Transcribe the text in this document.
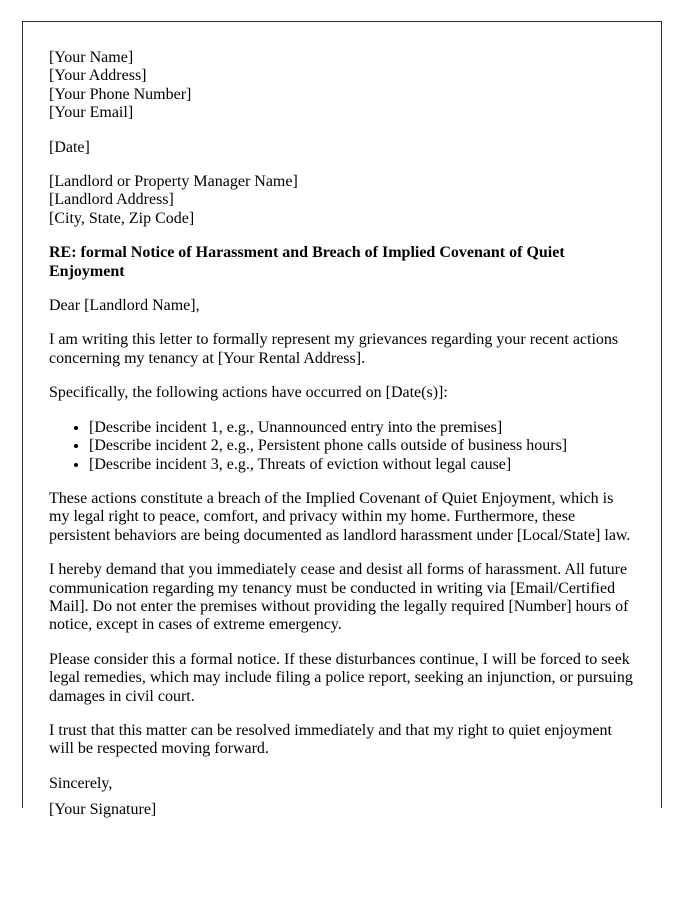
[Your Name]
[Your Address]
[Your Phone Number]
[Your Email]

[Date]

[Landlord or Property Manager Name]
[Landlord Address]
[City, State, Zip Code]

RE: formal Notice of Harassment and Breach of Implied Covenant of Quiet Enjoyment

Dear [Landlord Name],

I am writing this letter to formally represent my grievances regarding your recent actions concerning my tenancy at [Your Rental Address].

Specifically, the following actions have occurred on [Date(s)]:

• [Describe incident 1, e.g., Unannounced entry into the premises]
• [Describe incident 2, e.g., Persistent phone calls outside of business hours]
• [Describe incident 3, e.g., Threats of eviction without legal cause]

These actions constitute a breach of the Implied Covenant of Quiet Enjoyment, which is my legal right to peace, comfort, and privacy within my home. Furthermore, these persistent behaviors are being documented as landlord harassment under [Local/State] law.

I hereby demand that you immediately cease and desist all forms of harassment. All future communication regarding my tenancy must be conducted in writing via [Email/Certified Mail]. Do not enter the premises without providing the legally required [Number] hours of notice, except in cases of extreme emergency.

Please consider this a formal notice. If these disturbances continue, I will be forced to seek legal remedies, which may include filing a police report, seeking an injunction, or pursuing damages in civil court.

I trust that this matter can be resolved immediately and that my right to quiet enjoyment will be respected moving forward.

Sincerely,

[Your Signature]
